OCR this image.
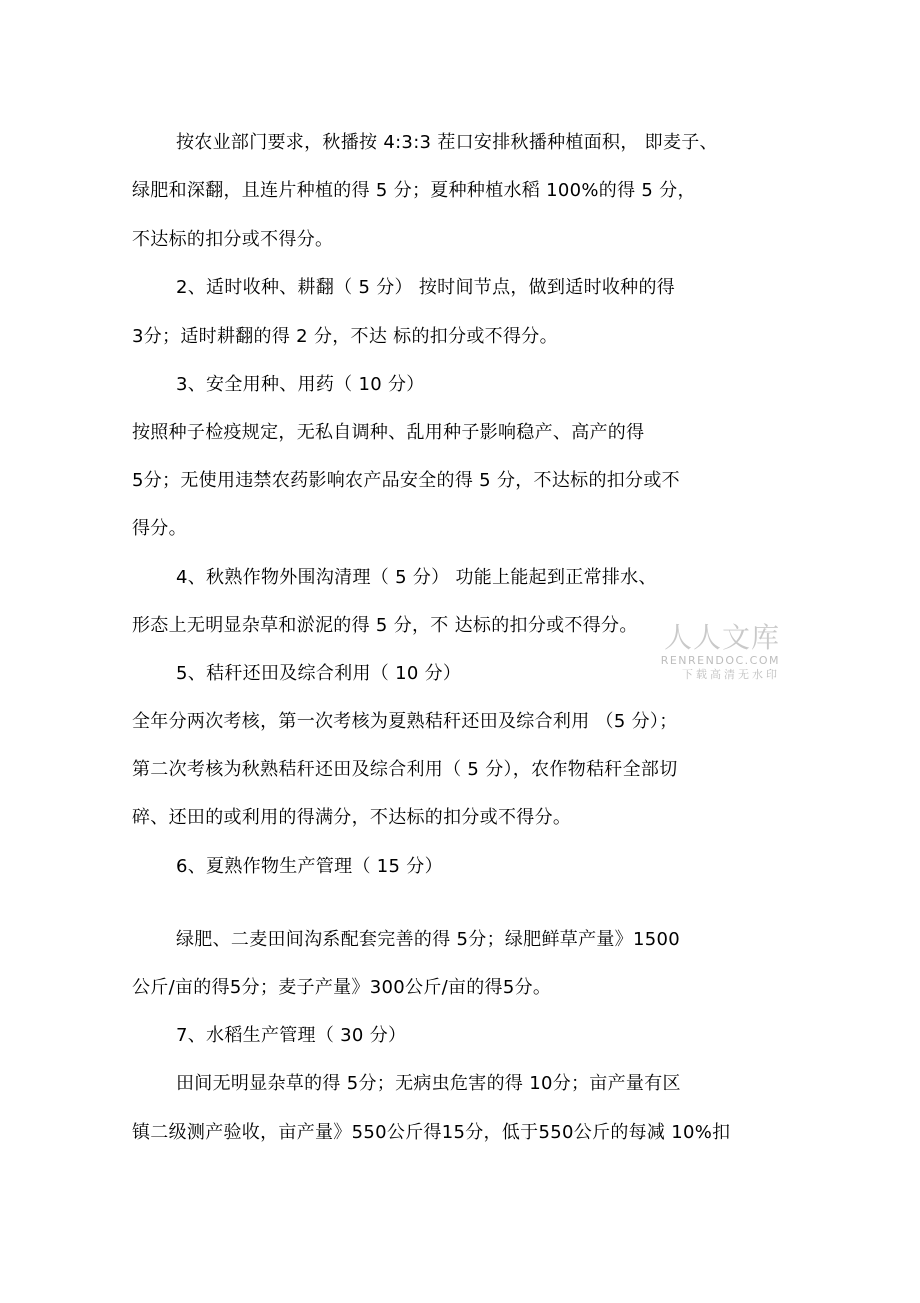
按农业部门要求，秋播按 4:3:3 茬口安排秋播种植面积， 即麦子、
绿肥和深翻，且连片种植的得 5 分；夏种种植水稻 100%的得 5 分，
不达标的扣分或不得分。
2、适时收种、耕翻（ 5 分） 按时间节点，做到适时收种的得
3分；适时耕翻的得 2 分，不达 标的扣分或不得分。
3、安全用种、用药（ 10 分）
按照种子检疫规定，无私自调种、乱用种子影响稳产、高产的得
5分；无使用违禁农药影响农产品安全的得 5 分，不达标的扣分或不
得分。
4、秋熟作物外围沟清理（ 5 分） 功能上能起到正常排水、
形态上无明显杂草和淤泥的得 5 分，不 达标的扣分或不得分。
5、秸秆还田及综合利用（ 10 分）
全年分两次考核，第一次考核为夏熟秸秆还田及综合利用 （5 分）；
第二次考核为秋熟秸秆还田及综合利用（ 5 分），农作物秸秆全部切
碎、还田的或利用的得满分，不达标的扣分或不得分。
6、夏熟作物生产管理（ 15 分）
绿肥、二麦田间沟系配套完善的得 5分；绿肥鲜草产量》1500
公斤/亩的得5分；麦子产量》300公斤/亩的得5分。
7、水稻生产管理（ 30 分）
田间无明显杂草的得 5分；无病虫危害的得 10分；亩产量有区
镇二级测产验收，亩产量》550公斤得15分，低于550公斤的每减 10%扣
人人文库
RENRENDOC.COM
下载高清无水印
